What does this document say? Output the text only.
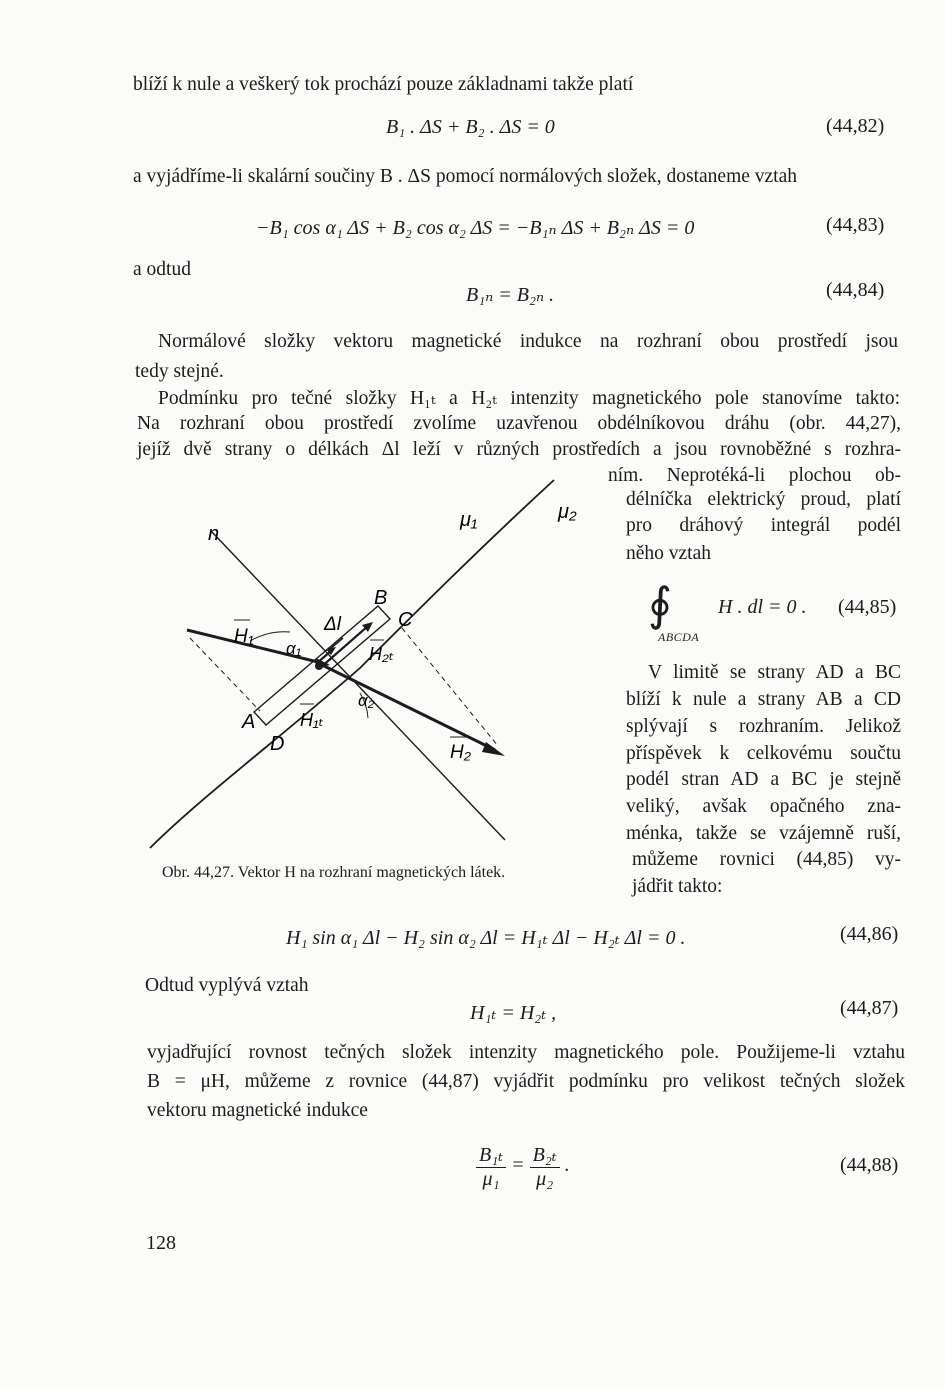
blíží k nule a veškerý tok prochází pouze základnami takže platí
B₁ . ΔS + B₂ . ΔS = 0	(44,82)
a vyjádříme-li skalární součiny B . ΔS pomocí normálových složek, dostaneme vztah
−B₁ cos α₁ ΔS + B₂ cos α₂ ΔS = −B₁ₙ ΔS + B₂ₙ ΔS = 0	(44,83)
a odtud
B₁ₙ = B₂ₙ .	(44,84)
Normálové složky vektoru magnetické indukce na rozhraní obou prostředí jsou
tedy stejné.
Podmínku pro tečné složky H₁ₜ a H₂ₜ intenzity magnetického pole stanovíme takto:
Na rozhraní obou prostředí zvolíme uzavřenou obdélníkovou dráhu (obr. 44,27),
jejíž dvě strany o délkách Δl leží v různých prostředích a jsou rovnoběžné s rozhra-
ním. Neprotéká-li plochou ob-
délníčka elektrický proud, platí
pro dráhový integrál podél
něho vztah
∮
ABCDA
H . dl = 0 . (44,85)
V limitě se strany AD a BC
blíží k nule a strany AB a CD
splývají s rozhraním. Jelikož
příspěvek k celkovému součtu
podél stran AD a BC je stejně
veliký, avšak opačného zna-
ménka, takže se vzájemně ruší,
můžeme rovnici (44,85) vy-
jádřit takto:
n
μ₁	μ₂
B
C
A
D
Δl
H₁
H₂
H₂ₜ
H₁ₜ
α₁
α₂
Obr. 44,27. Vektor H na rozhraní magnetických látek.
H₁ sin α₁ Δl − H₂ sin α₂ Δl = H₁ₜ Δl − H₂ₜ Δl = 0 .	(44,86)
Odtud vyplývá vztah
H₁ₜ = H₂ₜ ,	(44,87)
vyjadřující rovnost tečných složek intenzity magnetického pole. Použijeme-li vztahu
B = μH, můžeme z rovnice (44,87) vyjádřit podmínku pro velikost tečných složek
vektoru magnetické indukce
$\frac{\text{B₁ₜ}}{\text{μ₁}} = \frac{\text{B₂ₜ}}{\text{μ₂}}$ .	(44,88)
128
